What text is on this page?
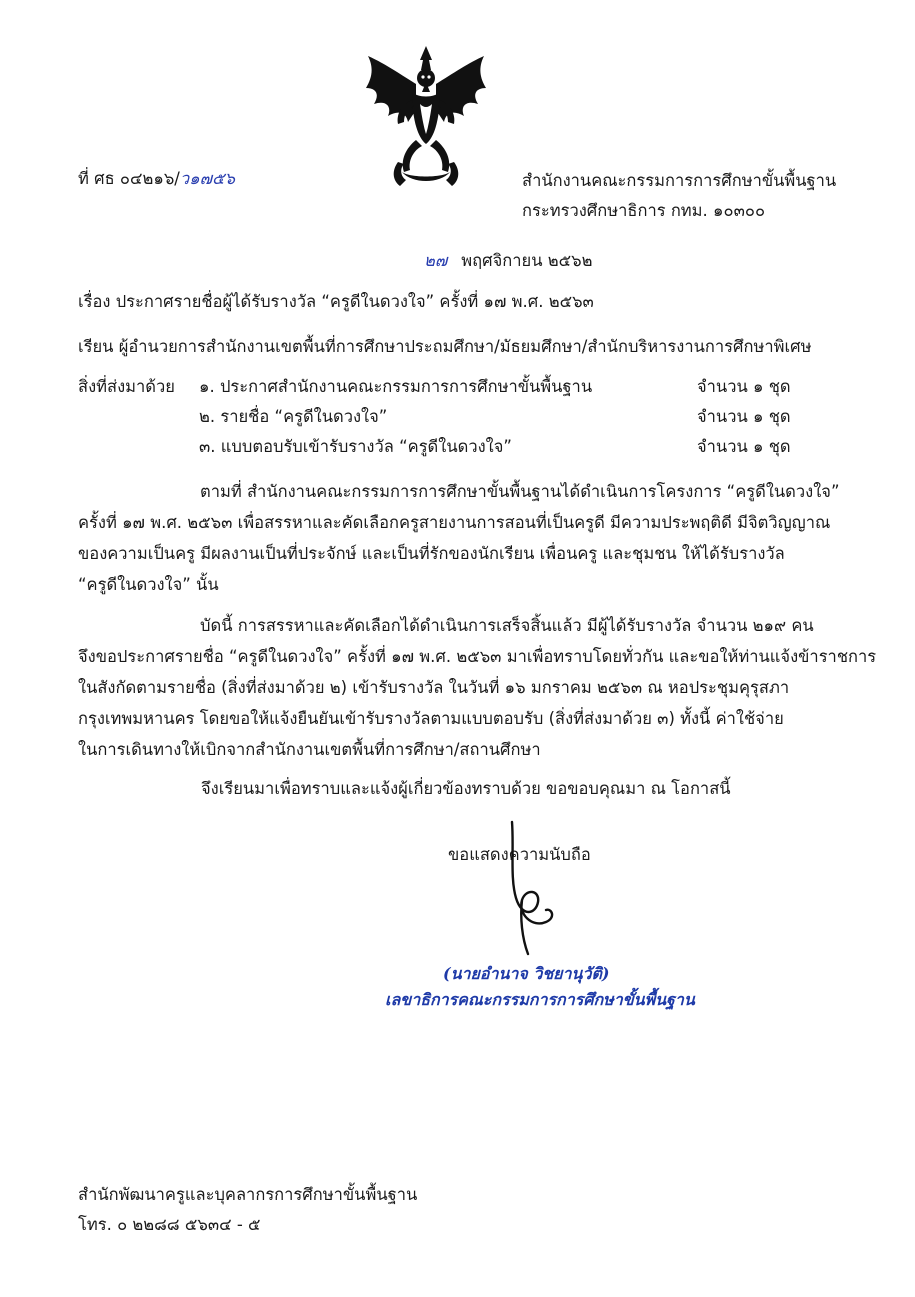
ที่ ศธ ๐๔๒๑๖/ว๑๗๕๖	สำนักงานคณะกรรมการการศึกษาขั้นพื้นฐาน
กระทรวงศึกษาธิการ กทม. ๑๐๓๐๐
๒๗ พฤศจิกายน ๒๕๖๒
เรื่อง ประกาศรายชื่อผู้ได้รับรางวัล “ครูดีในดวงใจ” ครั้งที่ ๑๗ พ.ศ. ๒๕๖๓
เรียน ผู้อำนวยการสำนักงานเขตพื้นที่การศึกษาประถมศึกษา/มัธยมศึกษา/สำนักบริหารงานการศึกษาพิเศษ
สิ่งที่ส่งมาด้วย ๑. ประกาศสำนักงานคณะกรรมการการศึกษาขั้นพื้นฐาน	จำนวน ๑ ชุด
๒. รายชื่อ “ครูดีในดวงใจ”	จำนวน ๑ ชุด
๓. แบบตอบรับเข้ารับรางวัล “ครูดีในดวงใจ”	จำนวน ๑ ชุด
ตามที่ สำนักงานคณะกรรมการการศึกษาขั้นพื้นฐานได้ดำเนินการโครงการ “ครูดีในดวงใจ”
ครั้งที่ ๑๗ พ.ศ. ๒๕๖๓ เพื่อสรรหาและคัดเลือกครูสายงานการสอนที่เป็นครูดี มีความประพฤติดี มีจิตวิญญาณ
ของความเป็นครู มีผลงานเป็นที่ประจักษ์ และเป็นที่รักของนักเรียน เพื่อนครู และชุมชน ให้ได้รับรางวัล
“ครูดีในดวงใจ” นั้น
บัดนี้ การสรรหาและคัดเลือกได้ดำเนินการเสร็จสิ้นแล้ว มีผู้ได้รับรางวัล จำนวน ๒๑๙ คน
จึงขอประกาศรายชื่อ “ครูดีในดวงใจ” ครั้งที่ ๑๗ พ.ศ. ๒๕๖๓ มาเพื่อทราบโดยทั่วกัน และขอให้ท่านแจ้งข้าราชการ
ในสังกัดตามรายชื่อ (สิ่งที่ส่งมาด้วย ๒) เข้ารับรางวัล ในวันที่ ๑๖ มกราคม ๒๕๖๓ ณ หอประชุมคุรุสภา
กรุงเทพมหานคร โดยขอให้แจ้งยืนยันเข้ารับรางวัลตามแบบตอบรับ (สิ่งที่ส่งมาด้วย ๓) ทั้งนี้ ค่าใช้จ่าย
ในการเดินทางให้เบิกจากสำนักงานเขตพื้นที่การศึกษา/สถานศึกษา
จึงเรียนมาเพื่อทราบและแจ้งผู้เกี่ยวข้องทราบด้วย ขอขอบคุณมา ณ โอกาสนี้
ขอแสดงความนับถือ
(นายอำนาจ วิชยานุวัติ)
เลขาธิการคณะกรรมการการศึกษาขั้นพื้นฐาน
สำนักพัฒนาครูและบุคลากรการศึกษาขั้นพื้นฐาน
โทร. ๐ ๒๒๘๘ ๕๖๓๔ - ๕
